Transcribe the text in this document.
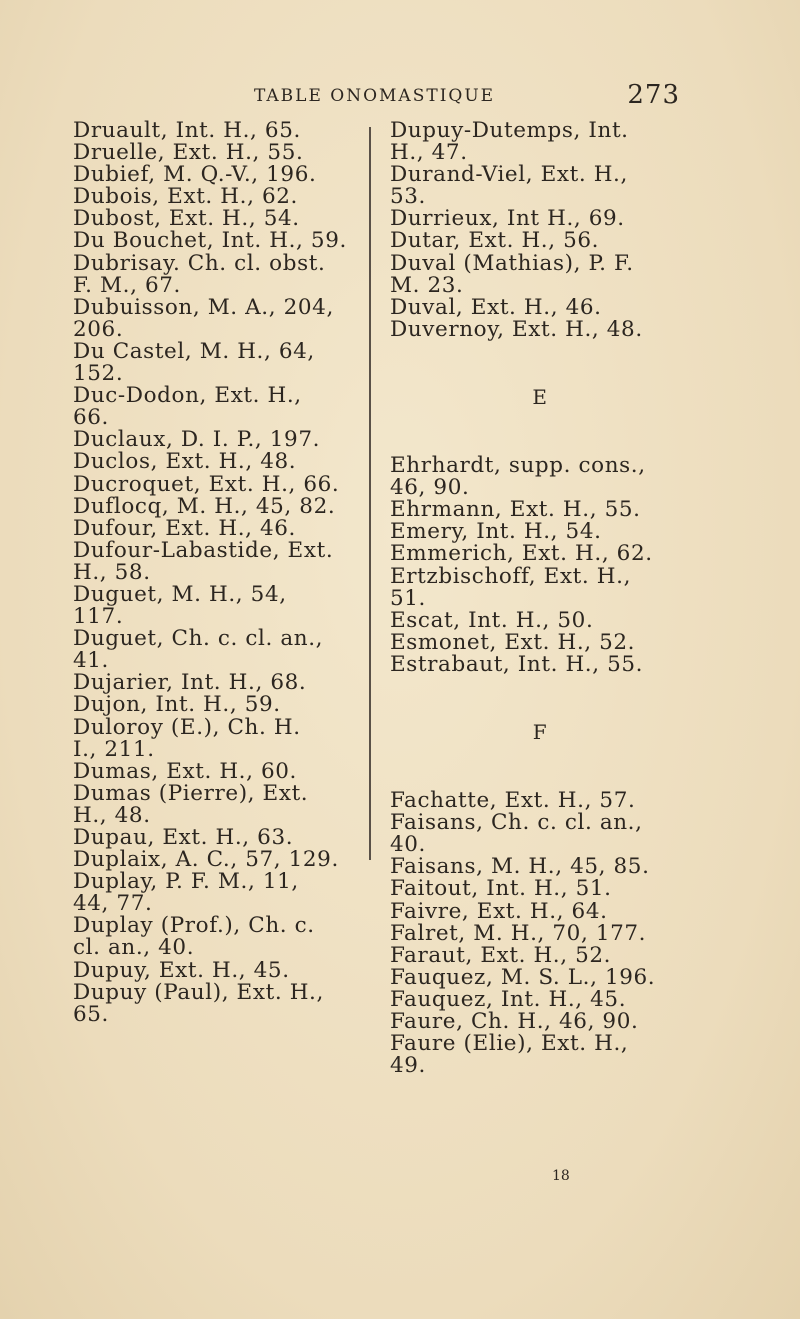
TABLE ONOMASTIQUE	273
Druault, Int. H., 65.
Druelle, Ext. H., 55.
Dubief, M. Q.-V., 196.
Dubois, Ext. H., 62.
Dubost, Ext. H., 54.
Du Bouchet, Int. H., 59.
Dubrisay. Ch. cl. obst.
F. M., 67.
Dubuisson, M. A., 204,
206.
Du Castel, M. H., 64,
152.
Duc-Dodon, Ext. H.,
66.
Duclaux, D. I. P., 197.
Duclos, Ext. H., 48.
Ducroquet, Ext. H., 66.
Duflocq, M. H., 45, 82.
Dufour, Ext. H., 46.
Dufour-Labastide, Ext.
H., 58.
Duguet, M. H., 54,
117.
Duguet, Ch. c. cl. an.,
41.
Dujarier, Int. H., 68.
Dujon, Int. H., 59.
Duloroy (E.), Ch. H.
I., 211.
Dumas, Ext. H., 60.
Dumas (Pierre), Ext.
H., 48.
Dupau, Ext. H., 63.
Duplaix, A. C., 57, 129.
Duplay, P. F. M., 11,
44, 77.
Duplay (Prof.), Ch. c.
cl. an., 40.
Dupuy, Ext. H., 45.
Dupuy (Paul), Ext. H.,
65.
Dupuy-Dutemps, Int.
H., 47.
Durand-Viel, Ext. H.,
53.
Durrieux, Int H., 69.
Dutar, Ext. H., 56.
Duval (Mathias), P. F.
M. 23.
Duval, Ext. H., 46.
Duvernoy, Ext. H., 48.
E
Ehrhardt, supp. cons.,
46, 90.
Ehrmann, Ext. H., 55.
Emery, Int. H., 54.
Emmerich, Ext. H., 62.
Ertzbischoff, Ext. H.,
51.
Escat, Int. H., 50.
Esmonet, Ext. H., 52.
Estrabaut, Int. H., 55.
F
Fachatte, Ext. H., 57.
Faisans, Ch. c. cl. an.,
40.
Faisans, M. H., 45, 85.
Faitout, Int. H., 51.
Faivre, Ext. H., 64.
Falret, M. H., 70, 177.
Faraut, Ext. H., 52.
Fauquez, M. S. L., 196.
Fauquez, Int. H., 45.
Faure, Ch. H., 46, 90.
Faure (Elie), Ext. H.,
49.
18
